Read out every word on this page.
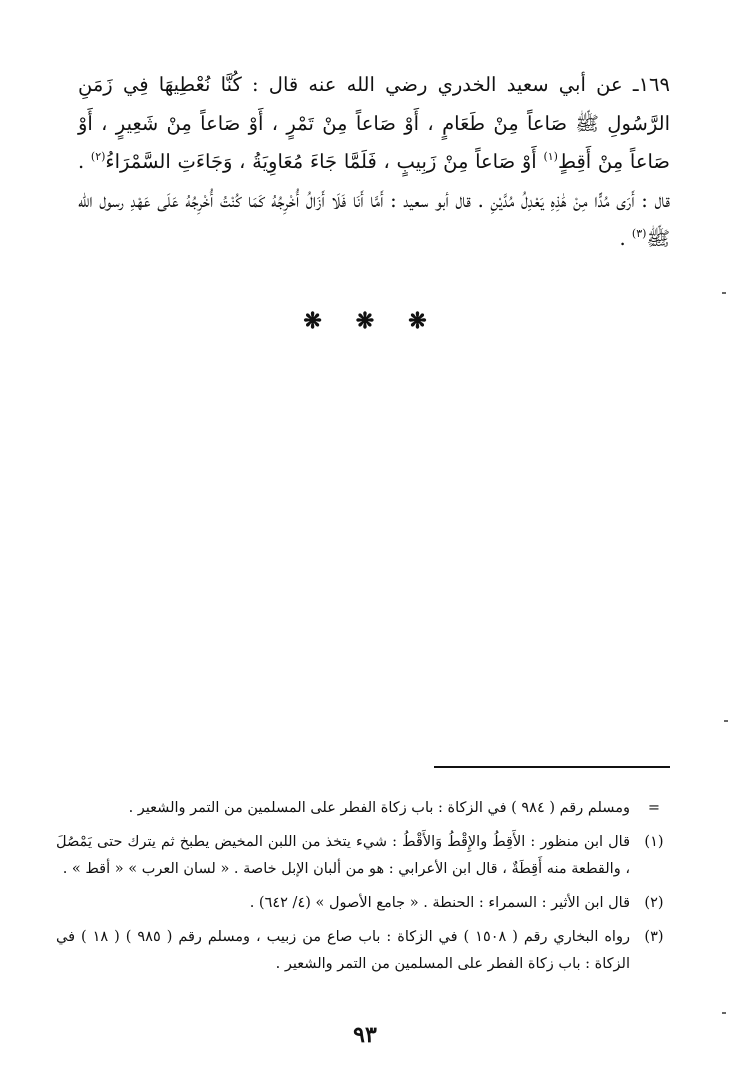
١٦٩ـ عن أبي سعيد الخدري رضي الله عنه قال : كُنَّا نُعْطِيهَا فِي زَمَنِ الرَّسُولِ ﷺ صَاعاً مِنْ طَعَامٍ ، أَوْ صَاعاً مِنْ تَمْرٍ ، أَوْ صَاعاً مِنْ شَعِيرٍ ، أَوْ صَاعاً مِنْ أَقِطٍ$^{(١)}$ أَوْ صَاعاً مِنْ زَبِيبٍ ، فَلَمَّا جَاءَ مُعَاوِيَةُ ، وَجَاءَتِ السَّمْرَاءُ$^{(٢)}$ . قال : أَرَى مُدًّا مِنْ هَٰذِهِ يَعْدِلُ مُدَّيْنِ . قال أبو سعيد : أَمَّا أَنَا فَلَا أَزَالُ أُخْرِجُهُ كَمَا كُنْتُ أُخْرِجُهُ عَلَى عَهْدِ رسول الله ﷺ$^{(٣)}$ .
❋ ❋ ❋
=
ومسلم رقم ( ٩٨٤ ) في الزكاة : باب زكاة الفطر على المسلمين من التمر والشعير .
(١)
قال ابن منظور : الأَقِطُ والإِقْطُ وَالأَقْطُ : شيء يتخذ من اللبن المخيض يطبخ ثم يترك حتى يَمْصُلَ ، والقطعة منه أَقِطَةٌ ، قال ابن الأعرابي : هو من ألبان الإبل خاصة . « لسان العرب » « أقط » .
(٢)
قال ابن الأثير : السمراء : الحنطة . « جامع الأصول » (٤/ ٦٤٢) .
(٣)
رواه البخاري رقم ( ١٥٠٨ ) في الزكاة : باب صاع من زبيب ، ومسلم رقم ( ٩٨٥ ) ( ١٨ ) في الزكاة : باب زكاة الفطر على المسلمين من التمر والشعير .
٩٣
